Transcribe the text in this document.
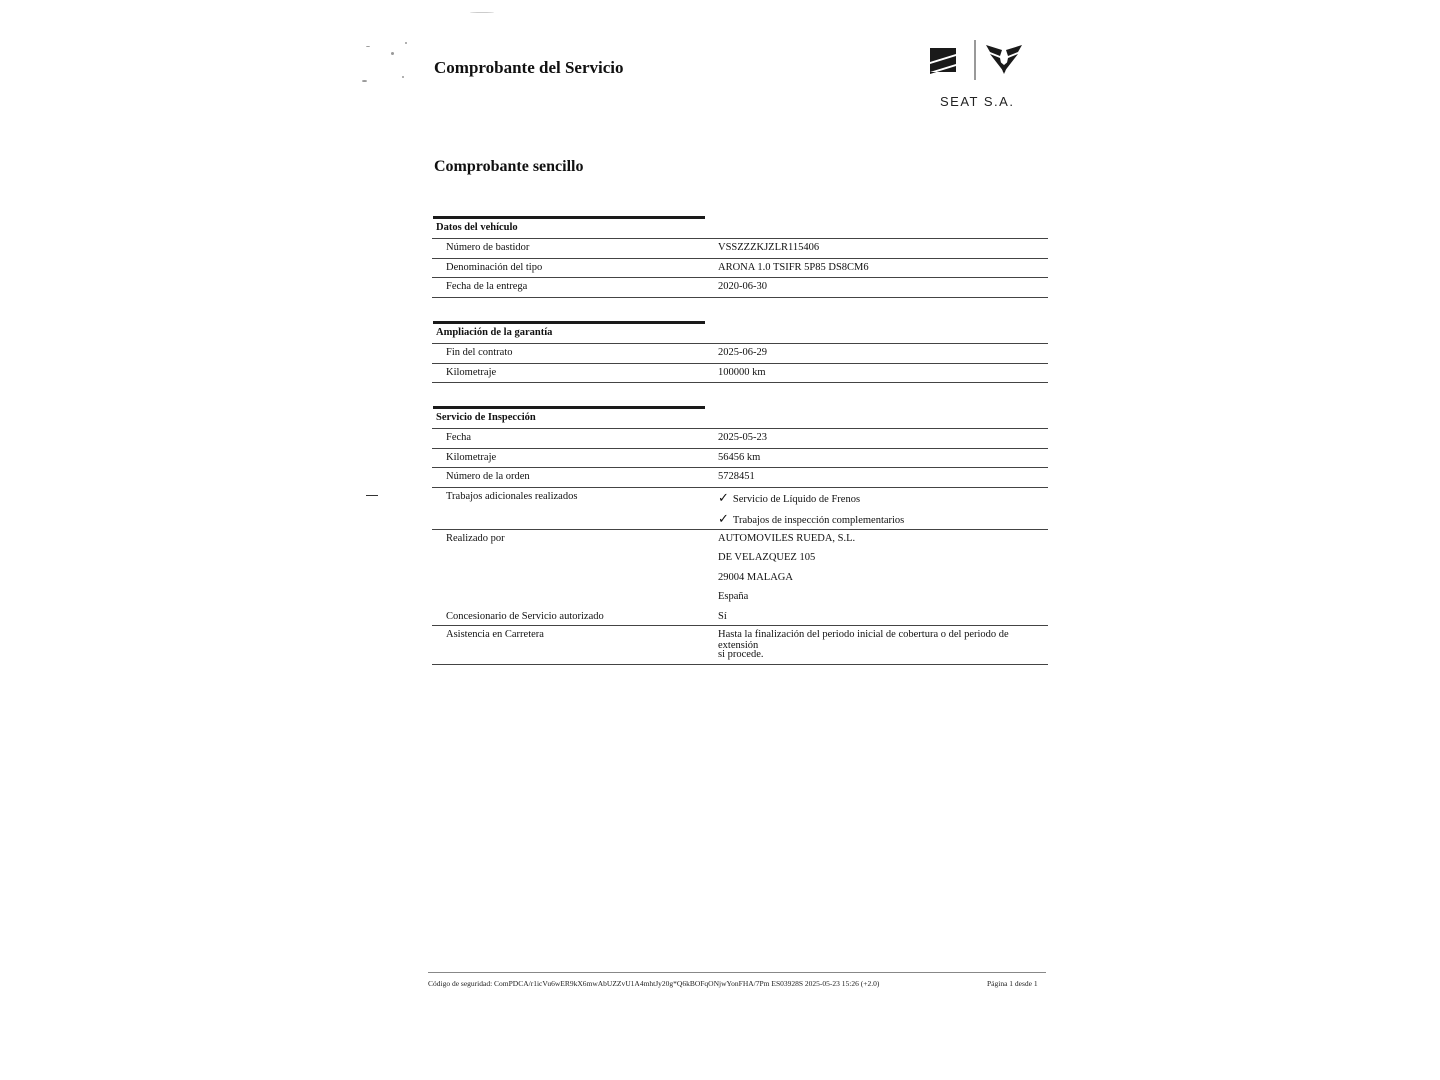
Comprobante del Servicio
SEAT S.A.
Comprobante sencillo
Datos del vehículo
Número de bastidor	VSSZZZKJZLR115406
Denominación del tipo	ARONA 1.0 TSIFR 5P85 DS8CM6
Fecha de la entrega	2020-06-30
Ampliación de la garantía
Fin del contrato	2025-06-29
Kilometraje	100000 km
Servicio de Inspección
Fecha	2025-05-23
Kilometraje	56456 km
Número de la orden	5728451
Trabajos adicionales realizados	✓ Servicio de Líquido de Frenos
✓ Trabajos de inspección complementarios
Realizado por	AUTOMOVILES RUEDA, S.L.
DE VELAZQUEZ 105
29004 MALAGA
España
Concesionario de Servicio autorizado	Sí
Asistencia en Carretera	Hasta la finalización del periodo inicial de cobertura o del periodo de extensión
si procede.
Código de seguridad: ComPDCA/r1icVu6wER9kX6mwAbUZZvU1A4mhtJy20g*Q6kBOFqONjwYonFHA/7Pm ES03928S 2025-05-23 15:26 (+2.0)	Página 1 desde 1
